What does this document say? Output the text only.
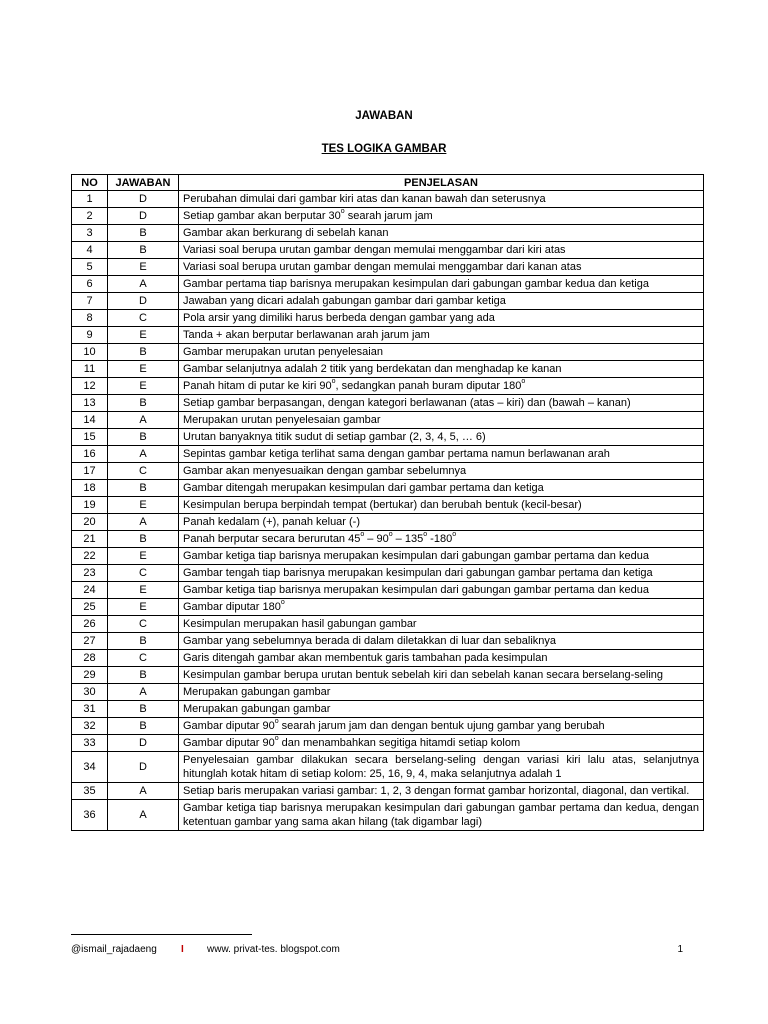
JAWABAN
TES LOGIKA GAMBAR
NO	JAWABAN	PENJELASAN
1	D	Perubahan dimulai dari gambar kiri atas dan kanan bawah dan seterusnya
2	D	Setiap gambar akan berputar 30$^o$ searah jarum jam
3	B	Gambar akan berkurang di sebelah kanan
4	B	Variasi soal berupa urutan gambar dengan memulai menggambar dari kiri atas
5	E	Variasi soal berupa urutan gambar dengan memulai menggambar dari kanan atas
6	A	Gambar pertama tiap barisnya merupakan kesimpulan dari gabungan gambar kedua dan ketiga
7	D	Jawaban yang dicari adalah gabungan gambar dari gambar ketiga
8	C	Pola arsir yang dimiliki harus berbeda dengan gambar yang ada
9	E	Tanda + akan berputar berlawanan arah jarum jam
10	B	Gambar merupakan urutan penyelesaian
11	E	Gambar selanjutnya adalah 2 titik yang berdekatan dan menghadap ke kanan
12	E	Panah hitam di putar ke kiri 90$^o$, sedangkan panah buram diputar 180$^o$
13	B	Setiap gambar berpasangan, dengan kategori berlawanan (atas – kiri) dan (bawah – kanan)
14	A	Merupakan urutan penyelesaian gambar
15	B	Urutan banyaknya titik sudut di setiap gambar (2, 3, 4, 5, … 6)
16	A	Sepintas gambar ketiga terlihat sama dengan gambar pertama namun berlawanan arah
17	C	Gambar akan menyesuaikan dengan gambar sebelumnya
18	B	Gambar ditengah merupakan kesimpulan dari gambar pertama dan ketiga
19	E	Kesimpulan berupa berpindah tempat (bertukar) dan berubah bentuk (kecil-besar)
20	A	Panah kedalam (+), panah keluar (-)
21	B	Panah berputar secara berurutan 45$^o$ – 90$^o$ – 135$^o$ -180$^o$
22	E	Gambar ketiga tiap barisnya merupakan kesimpulan dari gabungan gambar pertama dan kedua
23	C	Gambar tengah tiap barisnya merupakan kesimpulan dari gabungan gambar pertama dan ketiga
24	E	Gambar ketiga tiap barisnya merupakan kesimpulan dari gabungan gambar pertama dan kedua
25	E	Gambar diputar 180$^o$
26	C	Kesimpulan merupakan hasil gabungan gambar
27	B	Gambar yang sebelumnya berada di dalam diletakkan di luar dan sebaliknya
28	C	Garis ditengah gambar akan membentuk garis tambahan pada kesimpulan
29	B	Kesimpulan gambar berupa urutan bentuk sebelah kiri dan sebelah kanan secara berselang-seling
30	A	Merupakan gabungan gambar
31	B	Merupakan gabungan gambar
32	B	Gambar diputar 90$^o$ searah jarum jam dan dengan bentuk ujung gambar yang berubah
33	D	Gambar diputar 90$^o$ dan menambahkan segitiga hitamdi setiap kolom
34	D	Penyelesaian gambar dilakukan secara berselang-seling dengan variasi kiri lalu atas, selanjutnya hitunglah kotak hitam di setiap kolom: 25, 16, 9, 4, maka selanjutnya adalah 1
35	A	Setiap baris merupakan variasi gambar: 1, 2, 3 dengan format gambar horizontal, diagonal, dan vertikal.
36	A	Gambar ketiga tiap barisnya merupakan kesimpulan dari gabungan gambar pertama dan kedua, dengan ketentuan gambar yang sama akan hilang (tak digambar lagi)
@ismail_rajadaeng I www. privat-tes. blogspot.com	1
